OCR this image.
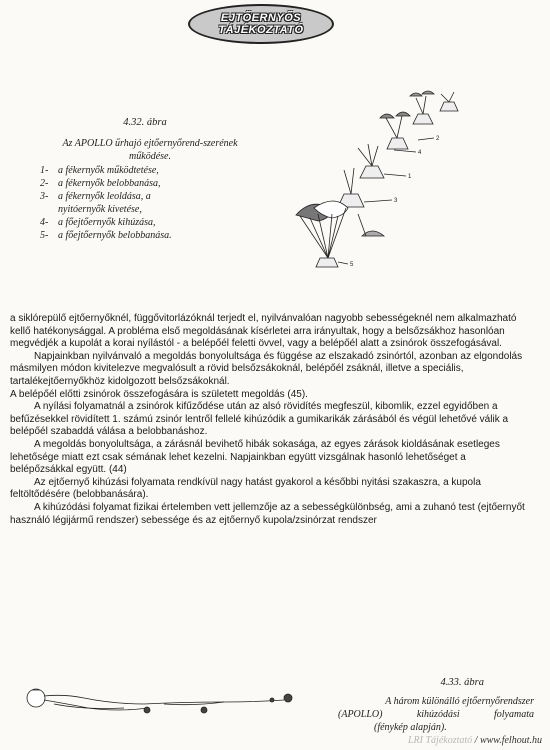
EJTŐERNYŐS
TÁJÉKOZTATÓ
4.32. ábra
Az APOLLO űrhajó ejtőernyőrend-szerének működése.
1- a fékernyők működtetése,
2- a fékernyők belobbanása,
3- a fékernyők leoldása, a
nyitóernyők kivetése,
4- a főejtőernyők kihúzása,
5- a főejtőernyők belobbanása.
2
4
1
3
5

a siklórepülő ejtőernyőknél, függővitorlázóknál terjedt el, nyilvánvalóan nagyobb sebességeknél nem alkalmazható kellő hatékonysággal. A probléma első megoldásának kísérletei arra irányultak, hogy a belsőzsákhoz hasonlóan megvédjék a kupolát a korai nyílástól - a belépőél feletti övvel, vagy a belépőél alatt a zsinórok összefogásával.

Napjainkban nyilvánvaló a megoldás bonyolultsága és függése az elszakadó zsinórtól, azonban az elgondolás másmilyen módon kivitelezve megvalósult a rövid belsőzsákoknál, belépőél zsáknál, illetve a speciális, tartalékejtőernyőkhöz kidolgozott belsőzsákoknál.

A belépőél előtti zsinórok összefogására is született megoldás (45).

A nyílási folyamatnál a zsinórok kifűződése után az alsó rövidítés megfeszül, kibomlik, ezzel egyidőben a befűzésekkel rövidített 1. számú zsinór lentről fellelé kihúzódik a gumikarikák zárásából és végül lehetővé válik a belépőél szabaddá válása a belobbanáshoz.

A megoldás bonyolultsága, a zárásnál bevihető hibák sokasága, az egyes zárások kioldásának esetleges lehetősége miatt ezt csak sémának lehet kezelni. Napjainkban együtt vizsgálnak hasonló lehetőséget a belépőzsákkal együtt. (44)

Az ejtőernyő kihúzási folyamata rendkívül nagy hatást gyakorol a későbbi nyitási szakaszra, a kupola feltöltődésére (belobbanására).

A kihúzódási folyamat fizikai értelemben vett jellemzője az a sebességkülönbség, ami a zuhanó test (ejtőernyőt használó légijármű rendszer) sebessége és az ejtőernyő kupola/zsinórzat rendszer

4.33. ábra
A három különálló ejtőernyőrendszer
(APOLLO) kihúzódási folyamata
(fénykép alapján).
LRI Tájékoztató / www.felhout.hu
